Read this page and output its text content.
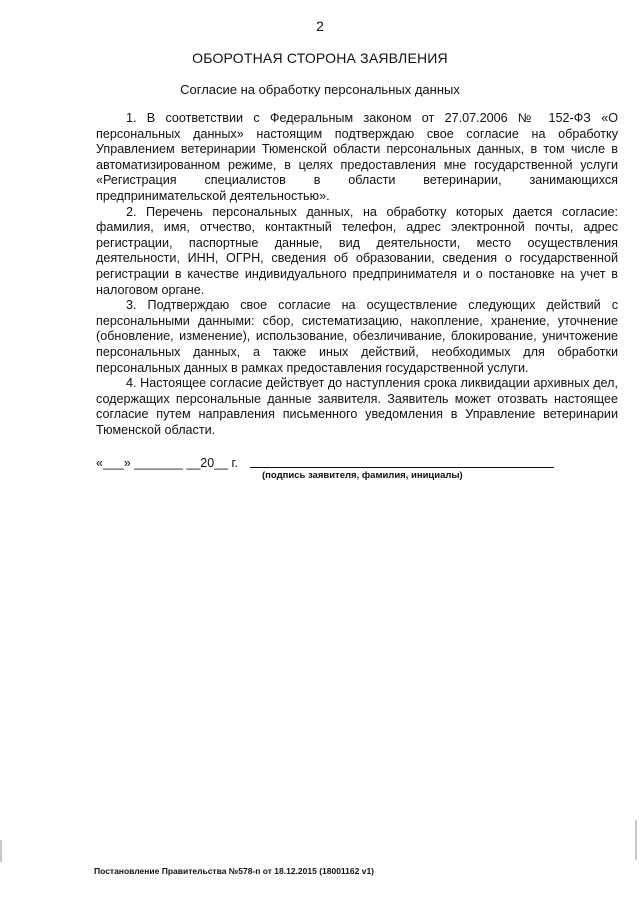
2
ОБОРОТНАЯ СТОРОНА ЗАЯВЛЕНИЯ
Согласие на обработку персональных данных

1. В соответствии с Федеральным законом от 27.07.2006 № 152-ФЗ «О персональных данных» настоящим подтверждаю свое согласие на обработку Управлением ветеринарии Тюменской области персональных данных, в том числе в автоматизированном режиме, в целях предоставления мне государственной услуги «Регистрация специалистов в области ветеринарии, занимающихся предпринимательской деятельностью».

2. Перечень персональных данных, на обработку которых дается согласие: фамилия, имя, отчество, контактный телефон, адрес электронной почты, адрес регистрации, паспортные данные, вид деятельности, место осуществления деятельности, ИНН, ОГРН, сведения об образовании, сведения о государственной регистрации в качестве индивидуального предпринимателя и о постановке на учет в налоговом органе.

3. Подтверждаю свое согласие на осуществление следующих действий с персональными данными: сбор, систематизацию, накопление, хранение, уточнение (обновление, изменение), использование, обезличивание, блокирование, уничтожение персональных данных, а также иных действий, необходимых для обработки персональных данных в рамках предоставления государственной услуги.

4. Настоящее согласие действует до наступления срока ликвидации архивных дел, содержащих персональные данные заявителя. Заявитель может отозвать настоящее согласие путем направления письменного уведомления в Управление ветеринарии Тюменской области.

«___» _______ __20__ г.
(подпись заявителя, фамилия, инициалы)
Постановление Правительства №578-п от 18.12.2015 (18001162 v1)
